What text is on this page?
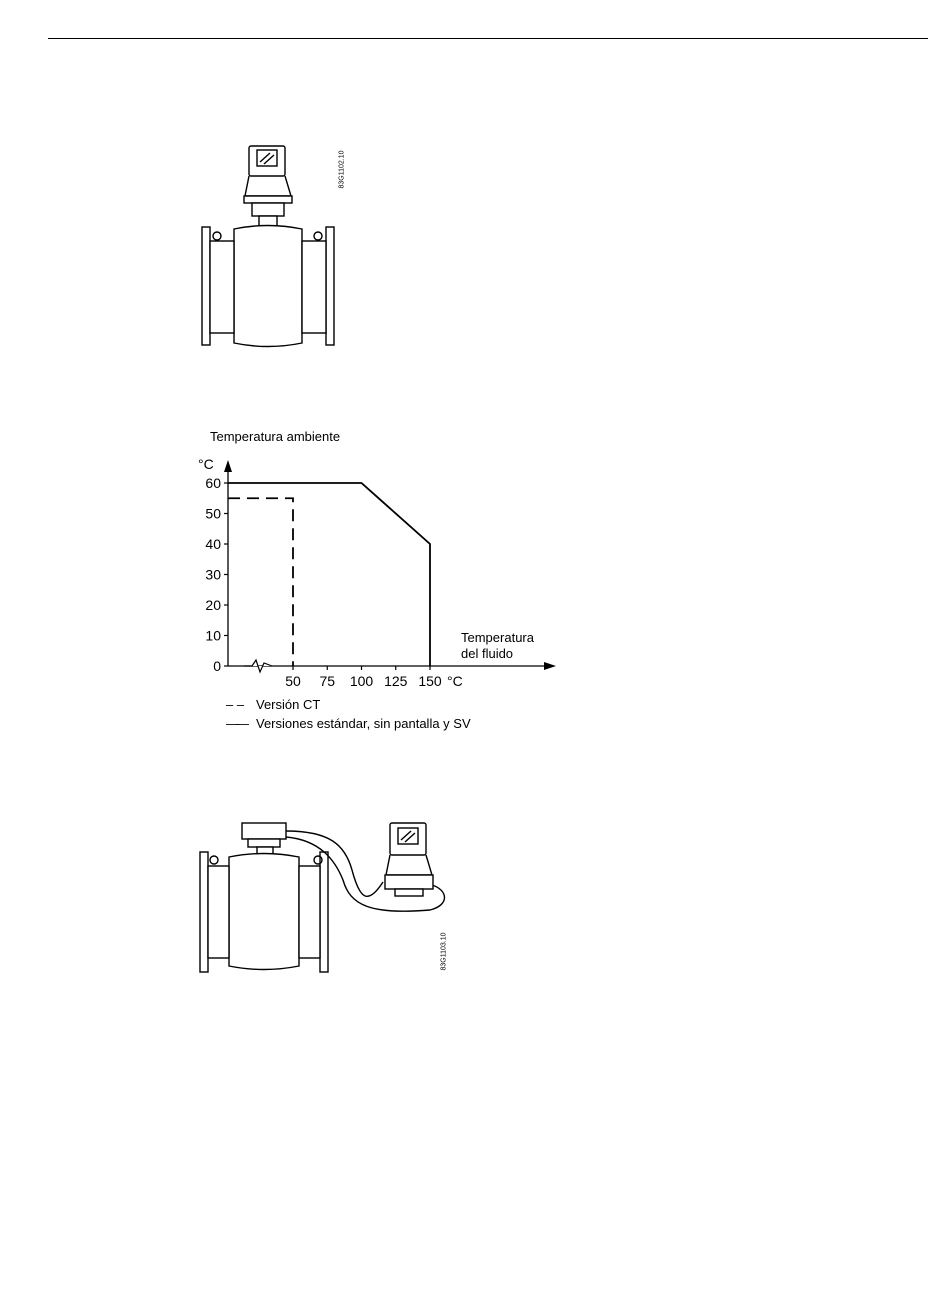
83G1102.10
Temperatura ambiente
0
10
20
30
40
50
60
50 75 100 125 150
°C
Temperatura
del fluido
°C
– – Versión CT
—— Versiones estándar, sin pantalla y SV
83G1103.10
